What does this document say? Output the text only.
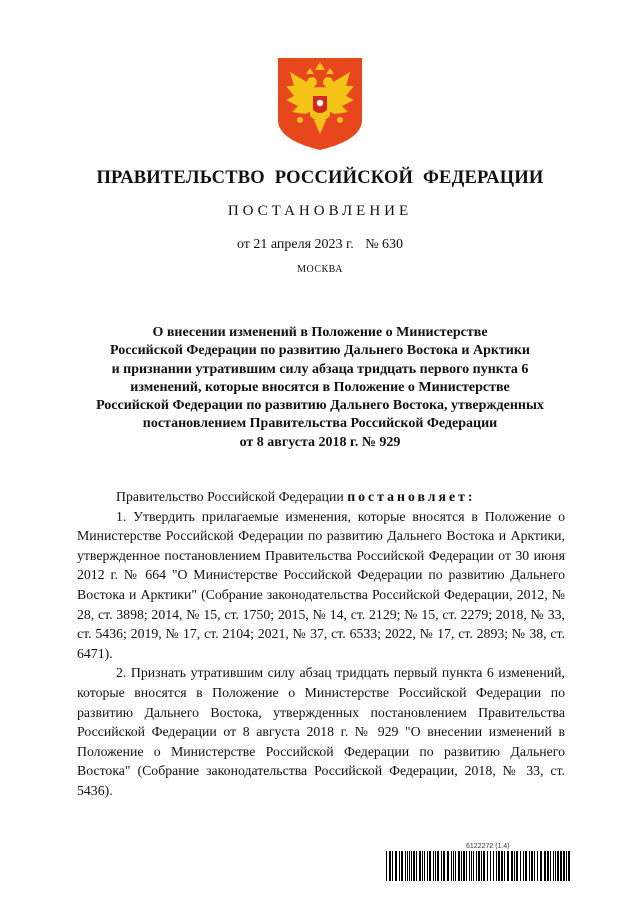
ПРАВИТЕЛЬСТВО РОССИЙСКОЙ ФЕДЕРАЦИИ
ПОСТАНОВЛЕНИЕ
от 21 апреля 2023 г. № 630
МОСКВА
О внесении изменений в Положение о Министерстве
Российской Федерации по развитию Дальнего Востока и Арктики
и признании утратившим силу абзаца тридцать первого пункта 6
изменений, которые вносятся в Положение о Министерстве
Российской Федерации по развитию Дальнего Востока, утвержденных
постановлением Правительства Российской Федерации
от 8 августа 2018 г. № 929

Правительство Российской Федерации постановляет:

1. Утвердить прилагаемые изменения, которые вносятся в Положение о Министерстве Российской Федерации по развитию Дальнего Востока и Арктики, утвержденное постановлением Правительства Российской Федерации от 30 июня 2012 г. № 664 "О Министерстве Российской Федерации по развитию Дальнего Востока и Арктики" (Собрание законодательства Российской Федерации, 2012, № 28, ст. 3898; 2014, № 15, ст. 1750; 2015, № 14, ст. 2129; № 15, ст. 2279; 2018, № 33, ст. 5436; 2019, № 17, ст. 2104; 2021, № 37, ст. 6533; 2022, № 17, ст. 2893; № 38, ст. 6471).

2. Признать утратившим силу абзац тридцать первый пункта 6 изменений, которые вносятся в Положение о Министерстве Российской Федерации по развитию Дальнего Востока, утвержденных постановлением Правительства Российской Федерации от 8 августа 2018 г. № 929 "О внесении изменений в Положение о Министерстве Российской Федерации по развитию Дальнего Востока" (Собрание законодательства Российской Федерации, 2018, № 33, ст. 5436).

6122272 (1.4)
